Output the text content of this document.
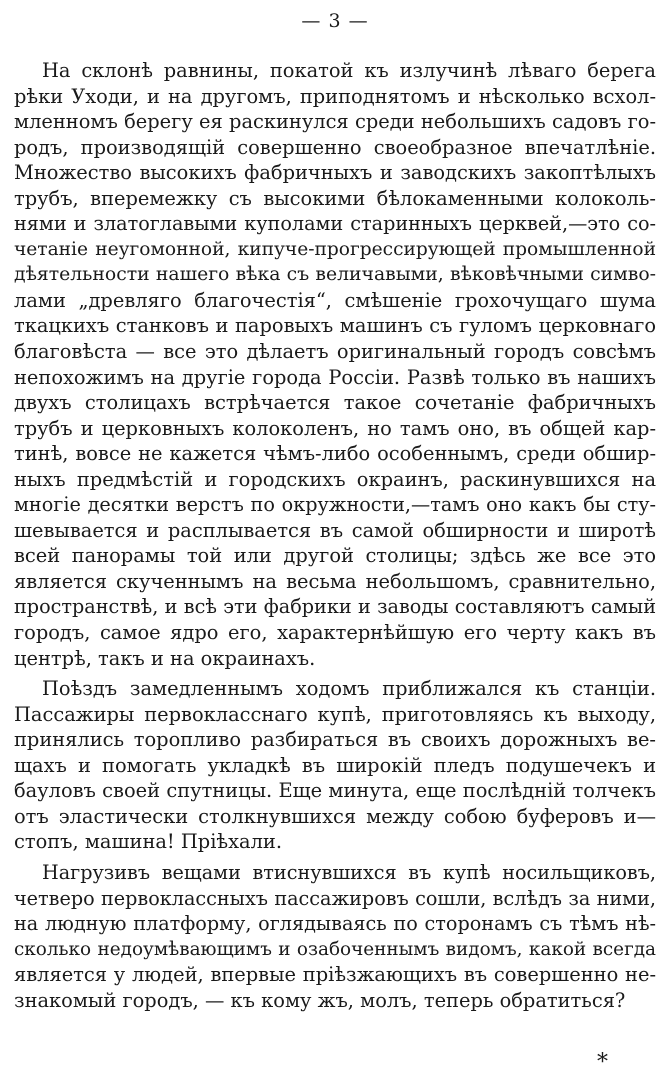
— 3 —
На склонѣ равнины, покатой къ излучинѣ лѣваго берега
рѣки Уходи, и на другомъ, приподнятомъ и нѣсколько всхол-
мленномъ берегу ея раскинулся среди небольшихъ садовъ го-
родъ, производящій совершенно своеобразное впечатлѣніе.
Множество высокихъ фабричныхъ и заводскихъ закоптѣлыхъ
трубъ, вперемежку съ высокими бѣлокаменными колоколь-
нями и златоглавыми куполами старинныхъ церквей,—это со-
четаніе неугомонной, кипуче-прогрессирующей промышленной
дѣятельности нашего вѣка съ величавыми, вѣковѣчными симво-
лами „древляго благочестія“, смѣшеніе грохочущаго шума
ткацкихъ станковъ и паровыхъ машинъ съ гуломъ церковнаго
благовѣста — все это дѣлаетъ оригинальный городъ совсѣмъ
непохожимъ на другіе города Россіи. Развѣ только въ нашихъ
двухъ столицахъ встрѣчается такое сочетаніе фабричныхъ
трубъ и церковныхъ колоколенъ, но тамъ оно, въ общей кар-
тинѣ, вовсе не кажется чѣмъ-либо особеннымъ, среди обшир-
ныхъ предмѣстій и городскихъ окраинъ, раскинувшихся на
многіе десятки верстъ по окружности,—тамъ оно какъ бы сту-
шевывается и расплывается въ самой обширности и широтѣ
всей панорамы той или другой столицы; здѣсь же все это
является скученнымъ на весьма небольшомъ, сравнительно,
пространствѣ, и всѣ эти фабрики и заводы составляютъ самый
городъ, самое ядро его, характернѣйшую его черту какъ въ
центрѣ, такъ и на окраинахъ.
Поѣздъ замедленнымъ ходомъ приближался къ станціи.
Пассажиры первокласснаго купѣ, приготовляясь къ выходу,
принялись торопливо разбираться въ своихъ дорожныхъ ве-
щахъ и помогать укладкѣ въ широкій пледъ подушечекъ и
бауловъ своей спутницы. Еще минута, еще послѣдній толчекъ
отъ эластически столкнувшихся между собою буферовъ и—
стопъ, машина! Пріѣхали.
Нагрузивъ вещами втиснувшихся въ купѣ носильщиковъ,
четверо первоклассныхъ пассажировъ сошли, вслѣдъ за ними,
на людную платформу, оглядываясь по сторонамъ съ тѣмъ нѣ-
сколько недоумѣвающимъ и озабоченнымъ видомъ, какой всегда
является у людей, впервые пріѣзжающихъ въ совершенно не-
знакомый городъ, — къ кому жъ, молъ, теперь обратиться?
*
